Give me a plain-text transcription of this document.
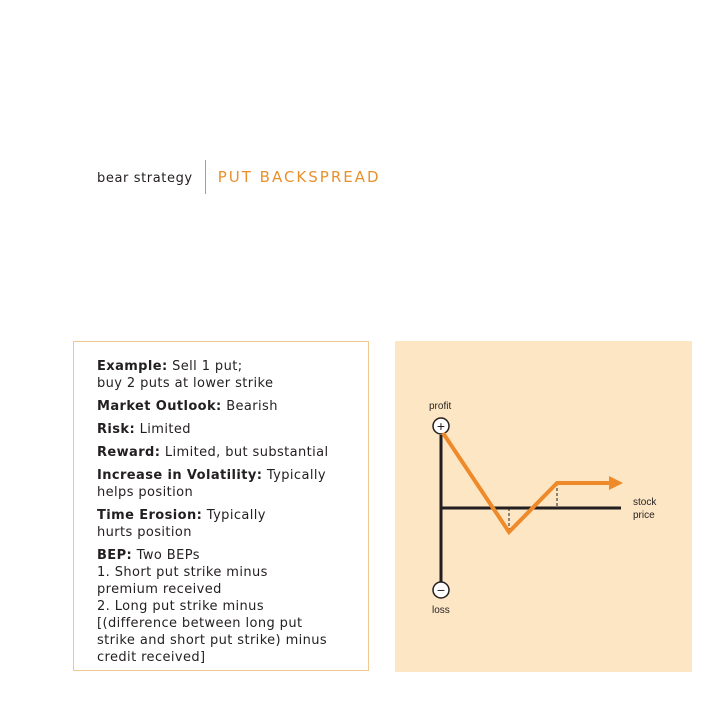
bear strategy PUT BACKSPREAD
Example: Sell 1 put;
buy 2 puts at lower strike
Market Outlook: Bearish
Risk: Limited
Reward: Limited, but substantial
Increase in Volatility: Typically
helps position
Time Erosion: Typically
hurts position
BEP: Two BEPs
1. Short put strike minus
premium received
2. Long put strike minus
[(difference between long put
strike and short put strike) minus
credit received]
profit
loss
stock
price
+
−
